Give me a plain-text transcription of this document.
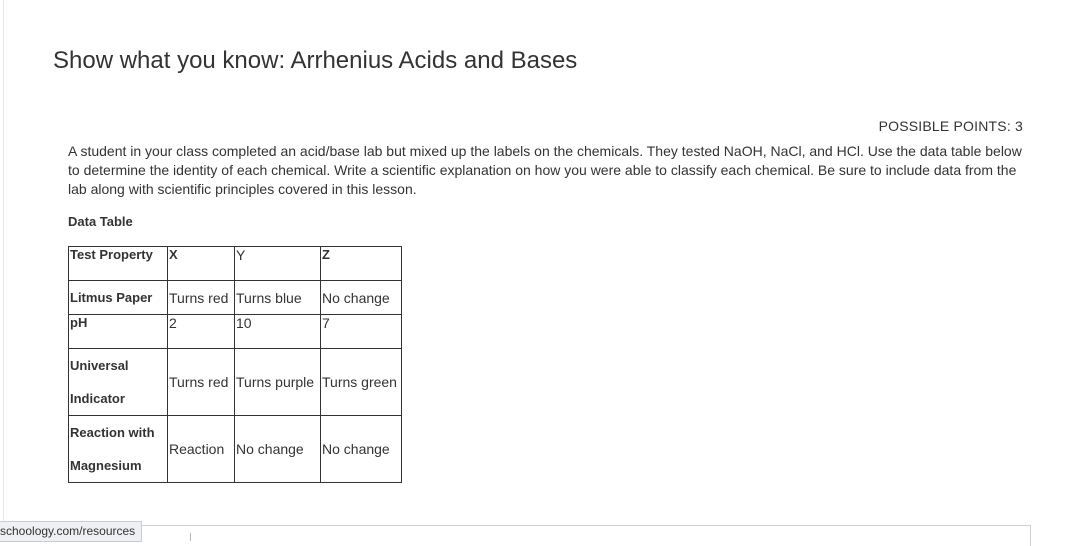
Show what you know: Arrhenius Acids and Bases
POSSIBLE POINTS: 3
A student in your class completed an acid/base lab but mixed up the labels on the chemicals. They tested NaOH, NaCl, and HCl. Use the data table below to determine the identity of each chemical. Write a scientific explanation on how you were able to classify each chemical. Be sure to include data from the lab along with scientific principles covered in this lesson.
Data Table
Test Property	X	Y	Z
Litmus Paper	Turns red	Turns blue	No change
pH	2	10	7

Universal
Indicator	Turns red	Turns purple	Turns green

Reaction with
Magnesium	Reaction	No change	No change
schoology.com/resources
